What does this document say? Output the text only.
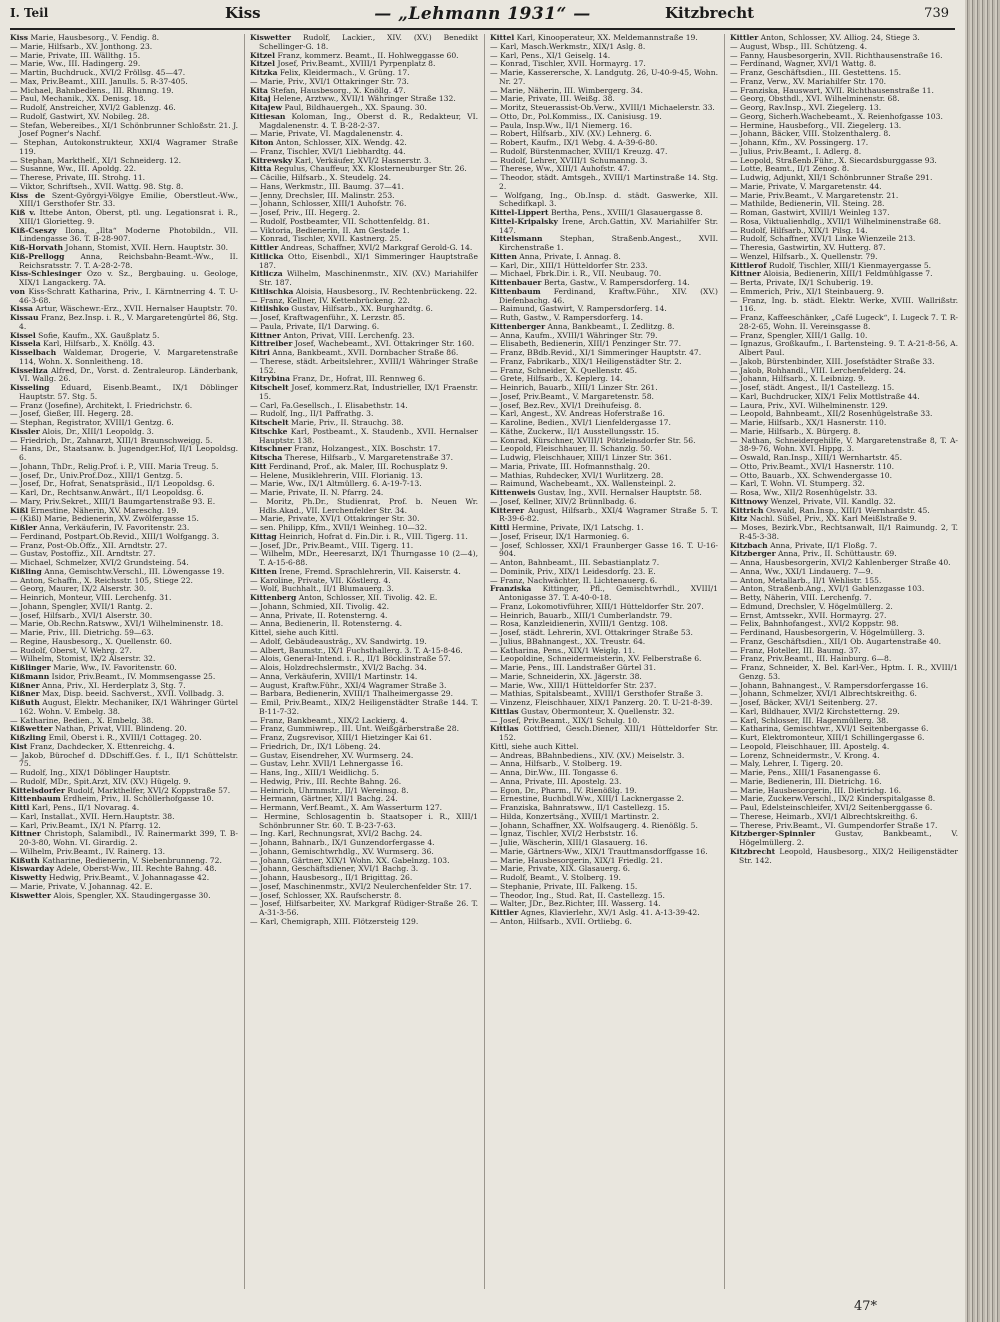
I. Teil	Kiss	— „Lehmann 1931“ —	Kitzbrecht	739

Kiss Marie, Hausbesorg., V. Fendig. 8.

— Marie, Hilfsarb., XV. Jonthong. 23.

— Marie, Private, III. Wällthg. 15.

— Marie, Ww., III. Hadingerg. 29.

— Martin, Buchdruck., XVI/2 Fröllsg. 45—47.

— Max, Priv.Beamt., XIII. Janulls. 5. R-37-405.

— Michael, Bahnbediens., III. Rhunng. 19.

— Paul, Mechanik., XX. Denisg. 18.

— Rudolf, Anstreicher, XVI/2 Gablenzg. 46.

— Rudolf, Gastwirt, XV. Nobileg. 28.

— Stefan, Webereibes., XI/1 Schönbrunner Schloßstr. 21. J. Josef Pogner's Nachf.

— Stephan, Autokonstrukteur, XXI/4 Wagramer Straße 119.

— Stephan, Markthelf., XI/1 Schneiderg. 12.

— Susanne, Ww., III. Apoldg. 22.

— Therese, Private, III. Strohg. 11.

— Viktor, Schriftseh., XVII. Wattg. 98. Stg. 8.

Kiss de Szent-Györgyi-Völgye Emilie, Oberstleut.-Ww., XIII/1 Gersthofer Str. 33.

Kiß v. Ittebe Anton, Oberst, ptl. ung. Legationsrat i. R., XIII/1 Glorietteg. 9.

Kiß-Cseszy Ilona, „Ilta“ Moderne Photobildn., VII. Lindengasse 36. T. B-28-907.

Kiß-Horvath Johann, Stomist, XVII. Hern. Hauptstr. 30.

Kiß-Prellogg Anna, Reichsbahn-Beamt.-Ww., II. Reichsratsstr. 7. T. A-28-2-78.

Kiss-Schlesinger Ozo v. Sz., Bergbauing. u. Geologe, XIX/1 Langackerg. 7A.

von Kiss-Schratt Katharina, Priv., I. Kärntnerring 4. T. U-46-3-68.

Kissa Artur, Wäschewr.-Erz., XVII. Hernalser Hauptstr. 70.

Kissau Franz, Bez.Insp. i. R., V. Margaretengürtel 86, Stg. 4.

Kissel Sofie, Kaufm., XX. Gaußplatz 5.

Kissela Karl, Hilfsarb., X. Knöllg. 43.

Kisselbach Waldemar, Drogerie, V. Margaretenstraße 114, Wohn. X. Sonnleitheng. 18.

Kisseliza Alfred, Dr., Vorst. d. Zentraleurop. Länderbank, VI. Wallg. 26.

Kisseling Eduard, Eisenb.Beamt., IX/1 Döblinger Hauptstr. 57. Stg. 5.

— Franz (Josefine), Architekt, I. Friedrichstr. 6.

— Josef, Gießer, III. Hegerg. 28.

— Stephan, Registrator, XVIII/1 Gentzg. 6.

Kissler Alois, Dr., XIII/1 Leopoldg. 3.

— Friedrich, Dr., Zahnarzt, XIII/1 Braunschweigg. 5.

— Hans, Dr., Staatsanw. b. Jugendger.Hof, II/1 Leopoldsg. 6.

— Johann, ThDr., Relig.Prof. i. P., VIII. Maria Treug. 5.

— Josef, Dr., Univ.Prof.Doz., XIII/1 Gentzg. 5.

— Josef, Dr., Hofrat, Senatspräsid., II/1 Leopoldsg. 6.

— Karl, Dr., Rechtsanw.Anwärt., II/1 Leopoldsg. 6.

— Mary, Priv.Sekret., XIII/1 Baumgartenstraße 93. E.

Kißl Ernestine, Näherin, XV. Mareschg. 19.

— (Kißl) Marie, Bedienerin, XV. Zwölfergasse 15.

Kißler Anna, Verkäuferin, IV. Favoritenstr. 23.

— Ferdinand, Postpart.Ob.Revid., XIII/1 Wolfgangg. 3.

— Franz, Post-Ob.Offz., XII. Arndtstr. 27.

— Gustav, Postoffiz., XII. Arndtstr. 27.

— Michael, Schmelzer, XVI/2 Grundsteing. 54.

Kißling Anna, Gemischtw.Verschl., III. Löwengasse 19.

— Anton, Schaffn., X. Reichsstr. 105, Stiege 22.

— Georg, Maurer, IX/2 Alserstr. 30.

— Heinrich, Monteur, VIII. Lerchenfg. 31.

— Johann, Spengler, XVII/1 Rantg. 2.

— Josef, Hilfsarb., XVI/1 Alserstr. 30.

— Marie, Ob.Rechn.Ratsww., XVI/1 Wilhelminenstr. 18.

— Marie, Priv., III. Dietrichg. 59—63.

— Regine, Hausbesorg., X. Quellenstr. 60.

— Rudolf, Oberst, V. Wehrg. 27.

— Wilhelm, Stomist, IX/2 Alserstr. 32.

Kißlinger Marie, Ww., IV. Favoritenstr. 60.

Kißmann Isidor, Priv.Beamt., IV. Mommsengasse 25.

Kißner Anna, Priv., XI. Herderplatz 3, Stg. 7.

Kißner Max, Disp. beeid. Sachverst., XVII. Vollbadg. 3.

Kißuth August, Elektr. Mechaniker, IX/1 Währinger Gürtel 162. Wohn. V. Embelg. 38.

— Katharine, Bedien., X. Embelg. 38.

Kißwetter Nathan, Privat, VIII. Blindeng. 20.

Kißzling Emil, Oberst i. R., XVIII/1 Cottageg. 20.

Kist Franz, Dachdecker, X. Ettenreichg. 4.

— Jakob, Bürochef d. DDschiff.Ges. f. I., II/1 Schüttelstr. 75.

— Rudolf, Ing., XIX/1 Döblinger Hauptstr.

— Rudolf, MDr., Spit.Arzt, XIV. (XV.) Hügelg. 9.

Kittelsdorfer Rudolf, Markthelfer, XVI/2 Koppstraße 57.

Kittenbaum Erdheim, Priv., II. Schöllerhofgasse 10.

Kittl Karl, Pens., II/1 Novarag. 4.

— Karl, Installat., XVII. Hern.Hauptstr. 38.

— Karl, Priv.Beamt., IX/1 N. Pfarrg. 12.

Kittner Christoph, Salamibdl., IV. Rainermarkt 399, T. B-20-3-80, Wohn. VI. Girardig. 2.

— Wilhelm, Priv.Beamt., IV. Rainerg. 13.

Kißuth Katharine, Bedienerin, V. Siebenbrunneng. 72.

Kiswarday Adele, Oberst-Ww., III. Rechte Bahng. 48.

Kiswetty Hedwig, Priv.Beamt., V. Johannagasse 42.

— Marie, Private, V. Johannag. 42. E.

Kiswetter Alois, Spengler, XX. Staudingergasse 30.

Kiswetter Rudolf, Lackier., XIV. (XV.) Benedikt Schellinger-G. 18.

Kitzel Franz, kommerz. Beamt., II. Hohlweggasse 60.

Kitzel Josef, Priv.Beamt., XVIII/1 Pyrpenplatz 8.

Kitzka Felix, Kleidermach., V. Grüng. 17.

— Marie, Priv., XVI/1 Ottakringer Str. 73.

Kita Stefan, Hausbesorg., X. Knöllg. 47.

Kitaj Helene, Arztww., XVII/1 Währinger Straße 132.

Kitajew Paul, Bildhauergeh., XX. Spaung. 30.

Kitiesan Koloman, Ing., Oberst d. R., Redakteur, VI. Magdalenenstr. 4. T. B-28-2-37.

— Marie, Private, VI. Magdalenenstr. 4.

Kiton Anton, Schlosser, XIX. Wendg. 42.

— Franz, Tischler, XVI/1 Liebhardtg. 44.

Kitrewsky Karl, Verkäufer, XVI/2 Hasnerstr. 3.

Kitta Regulus, Chauffeur, XX. Klosterneuburger Str. 26.

— Cäcilie, Hilfsarb., X. Steudelg. 24.

— Hans, Werkmstr., III. Baumg. 37—41.

— Jenny, Drechsler, III. Malinstr. 253.

— Johann, Schlosser, XIII/1 Auhofstr. 76.

— Josef, Priv., III. Hegerg. 2.

— Rudolf, Postbeamter, VII. Schottenfeldg. 81.

— Viktoria, Bedienerin, II. Am Gestade 1.

— Konrad, Tischler, XVII. Kastnerg. 25.

Kittler Andreas, Schaffner, XVI/2 Markgraf Gerold-G. 14.

Kitlicka Otto, Eisenbdl., XI/1 Simmeringer Hauptstraße 187.

Kitlicza Wilhelm, Maschinenmstr., XIV. (XV.) Mariahilfer Str. 187.

Kitlischka Aloisia, Hausbesorg., IV. Rechtenbrückeng. 22.

— Franz, Kellner, IV. Kettenbrückeng. 22.

Kitlishko Gustav, Hilfsarb., XX. Burghardtg. 6.

— Josef, Kraftwagenführ., X. Lerzstr. 85.

— Paula, Private, II/1 Darwing. 6.

Kittner Anton, Privat, VIII. Lerchenfg. 23.

Kittreiber Josef, Wachebeamt., XVI. Ottakringer Str. 160.

Kitri Anna, Bankbeamt., XVII. Dornbacher Straße 86.

— Therese, städt. Arbeitslehrer., XVIII/1 Währinger Straße 152.

Kitrybina Franz, Dr., Hofrat, III. Rennweg 6.

Kitschelt Josef, kommerz.Rat, Industrieller, IX/1 Fraenstr. 15.

— Carl, Fa.Gesellsch., I. Elisabethstr. 14.

— Rudolf, Ing., II/1 Paffrathg. 3.

Kitschelt Marie, Priv., II. Strauchg. 38.

Kitschke Karl, Postbeamt., X. Staudenb., XVII. Hernalser Hauptstr. 138.

Kitschner Franz, Holzangest., XIX. Boschstr. 17.

Kitscha Therese, Hilfsarb., V. Margaretenstraße 37.

Kitt Ferdinand, Prof., ak. Maler, III. Rochusplatz 9.

— Helene, Musiklehrerin, VIII. Florianig. 13.

— Marie, Ww., IX/1 Altmüllerg. 6. A-19-7-13.

— Marie, Private, II. N. Pfarrg. 24.

— Moritz, Ph.Dr., Studienrat, Prof. b. Neuen Wr. Hdls.Akad., VII. Lerchenfelder Str. 34.

— Marie, Private, XVI/1 Ottakringer Str. 30.

— sen. Philipp, Kfm., XVII/1 Weinheg. 10—32.

Kittag Heinrich, Hofrat d. Fin.Dir. i. R., VIII. Tigerg. 11.

— Josef, JDr., Priv.Beamt., VIII. Tigerg. 11.

— Wilhelm, MDr., Heeresarzt, IX/1 Thurngasse 10 (2—4), T. A-15-6-88.

Kitten Irene, Fremd. Sprachlehrerin, VII. Kaiserstr. 4.

— Karoline, Private, VII. Köstlerg. 4.

— Wolf, Buchhalt., II/1 Blumauerg. 3.

Kittenberg Anton, Schlosser, XII. Tivolig. 42. E.

— Johann, Schmied, XII. Tivolig. 42.

— Anna, Private, II. Rotensterng. 4.

— Anna, Bedienerin, II. Rotensterng. 4.

Kittel, siehe auch Kittl.

— Adolf, Gebäudeausträg., XV. Sandwirtg. 19.

— Albert, Baumstr., IX/1 Fuchsthallerg. 3. T. A-15-8-46.

— Alois, General-Intend. i. R., II/1 Böcklinstraße 57.

— Alois, Holzdrechslermstr., XVI/2 Bachg. 34.

— Anna, Verkäuferin, XVIII/1 Martinstr. 14.

— August, Kraftw.Führ., XXI/4 Wagramer Straße 3.

— Barbara, Bedienerin, XVIII/1 Thalheimergasse 29.

— Emil, Priv.Beamt., XIX/2 Heiligenstädter Straße 144. T. B-11-7-32.

— Franz, Bankbeamt., XIX/2 Lackierg. 4.

— Franz, Gummiwrep., III. Unt. Weißgärberstraße 28.

— Franz, Zugsrevisor, XIII/1 Hietzinger Kai 61.

— Friedrich, Dr., IX/1 Löbeng. 24.

— Gustav, Eisendreher, XV. Wurmserg. 24.

— Gustav, Lehr. XVII/1 Lehnergasse 16.

— Hans, Ing., XIII/1 Weidlichg. 5.

— Hedwig, Priv., III. Rechte Bahng. 26.

— Heinrich, Uhrmmstr., II/1 Wereinsg. 8.

— Hermann, Gärtner, XII/1 Bachg. 24.

— Hermann, Verf.Beamt., X. Am Wasserturm 127.

— Hermine, Schlosagentin b. Staatsoper i. R., XIII/1 Schönbrunner Str. 60. T. B-23-7-63.

— Ing. Karl, Rechnungsrat, XVI/2 Bachg. 24.

— Johann, Bahnarb., IX/1 Gunzendorfergasse 4.

— Johann, Gemischtwrhdlg., XV. Wurmserg. 36.

— Johann, Gärtner, XIX/1 Wohn. XX. Gabelnzg. 103.

— Johann, Geschäftsdiener, XVI/1 Bachg. 3.

— Johann, Hausbesorg., II/1 Brigittag. 26.

— Josef, Maschinenmstr., XVI/2 Neulerchenfelder Str. 17.

— Josef, Schlosser, XX. Raufscherstr. 8.

— Josef, Hilfsarbeiter, XV. Markgraf Rüdiger-Straße 26. T. A-31-3-56.

— Karl, Chemigraph, XIII. Flötzersteig 129.

Kittel Karl, Kinooperateur, XX. Meldemannstraße 19.

— Karl, Masch.Werkmstr., XIX/1 Aslg. 8.

— Karl, Pens., XI/1 Geiselg. 14.

— Konrad, Tischler, XVII. Hormayrg. 17.

— Marie, Kasserersche, X. Landgutg. 26, U-40-9-45, Wohn. Nr. 27.

— Marie, Näherin, III. Wimbergerg. 34.

— Marie, Private, III. Weißg. 38.

— Moritz, Steuerassist-Ob.Verw., XVIII/1 Michaelerstr. 33.

— Otto, Dr., Pol.Kommiss., IX. Canisiusg. 19.

— Paula, Insp.Ww., II/1 Niemerg. 16.

— Robert, Hilfsarb., XIV. (XV.) Lehnerg. 6.

— Robert, Kaufm., IX/1 Webg. 4. A-39-6-80.

— Rudolf, Bürstenmacher, XVIII/1 Kreuzg. 47.

— Rudolf, Lehrer, XVIII/1 Schumanng. 3.

— Therese, Ww., XIII/1 Auhofstr. 47.

— Theodor, städt. Amtsgeh., XVIII/1 Martinstraße 14. Stg. 2.

— Wolfgang, Ing., Ob.Insp. d. städt. Gaswerke, XII. Schedifkapl. 3.

Kittel-Lippert Bertha, Pens., XVIII/1 Glasauergasse 8.

Kittel-Kripalsky Irene, Arch.Gattin, XV. Mariahilfer Str. 147.

Kittelsmann Stephan, Straßenb.Angest., XVII. Kirchenstraße 1.

Kitten Anna, Private, I. Annag. 8.

— Karl, Dir., XIII/1 Hütteldorfer Str. 233.

— Michael, Fbrk.Dir. i. R., VII. Neubaug. 70.

Kittenbauer Berta, Gastw., V. Rampersdorferg. 14.

Kittenbaum Ferdinand, Kraftw.Führ., XIV. (XV.) Diefenbachg. 46.

— Raimund, Gastwirt, V. Rampersdorferg. 14.

— Ruth, Gastw., V. Rampersdorferg. 14.

Kittenberger Anna, Bankbeamt., I. Zedlitzg. 8.

— Anna, Kaufm., XVIII/1 Währinger Str. 79.

— Elisabeth, Bedienerin, XIII/1 Penzinger Str. 77.

— Franz, BBdb.Revid., XI/1 Simmeringer Hauptstr. 47.

— Franz, Fabrikarb., XIX/1 Heiligenstädter Str. 2.

— Franz, Schneider, X. Quellenstr. 45.

— Grete, Hilfsarb., X. Keplerg. 14.

— Heinrich, Bauarb., XIII/1 Linzer Str. 261.

— Josef, Priv.Beamt., V. Margaretenstr. 58.

— Josef, Bez.Rev., XVI/1 Dreihufeisg. 8.

— Karl, Angest., XV. Andreas Hoferstraße 16.

— Karoline, Bedien., XVI/1 Lienfeldergasse 17.

— Käthe, Zuckerw., II/1 Ausstellungsstr. 15.

— Konrad, Kürschner, XVIII/1 Pötzleinsdorfer Str. 56.

— Leopold, Fleischhauer, II. Schanzlg. 50.

— Ludwig, Fleischhauer, XIII/1 Linzer Str. 361.

— Maria, Private, III. Hofmannsthalg. 20.

— Mathias, Ruhdecker, XVI/1 Wurlitzerg. 28.

— Raimund, Wachebeamt., XX. Wallensteinpl. 2.

Kittenweis Gustav, Ing., XVII. Hernalser Hauptstr. 58.

— Josef, Kellner, XIV/2 Brünnlbadg. 6.

Kitterer August, Hilfsarb., XXI/4 Wagramer Straße 5. T. R-39-6-82.

Kittl Hermine, Private, IX/1 Latschg. 1.

— Josef, Friseur, IX/1 Harmonieg. 6.

— Josef, Schlosser, XXI/1 Fraunberger Gasse 16. T. U-16-904.

— Anton, Bahnbeamt., III. Sebastianplatz 7.

— Dominik, Priv., XIX/1 Leidesdorfg. 23. E.

— Franz, Nachwächter, II. Lichtenauerg. 6.

Franziska Kittinger, Pfl., Gemischtwrhdl., XVIII/1 Antonigasse 37. T. A-40-0-18.

— Franz, Lokomotivführer, XIII/1 Hütteldorfer Str. 207.

— Heinrich, Bauarb., XIII/1 Cumberlandstr. 79.

— Rosa, Kanzleidienerin, XVIII/1 Gentzg. 108.

— Josef, städt. Lehrerin, XVI. Ottakringer Straße 53.

— Julius, BBahnangest., XX. Treustr. 64.

— Katharina, Pens., XIX/1 Weiglg. 11.

— Leopoldine, Schneidermeisterin, XV. Felberstraße 6.

— Marie, Pens., III. Landstraßer Gürtel 31.

— Marie, Schneiderin, XX. Jägerstr. 38.

— Marie, Ww., XIII/1 Hütteldorfer Str. 237.

— Mathias, Spitalsbeamt., XVIII/1 Gersthofer Straße 3.

— Vinzenz, Fleischhauer, XIX/1 Panzerg. 20. T. U-21-8-39.

Kittlas Gustav, Obermonteur, X. Quellenstr. 32.

— Josef, Priv.Beamt., XIX/1 Schulg. 10.

Kittlas Gottfried, Gesch.Diener, XIII/1 Hütteldorfer Str. 152.

Kittl, siehe auch Kittel.

— Andreas, BBahnbediens., XIV. (XV.) Meiselstr. 3.

— Anna, Hilfsarb., V. Stolberg. 19.

— Anna, Dir.Ww., III. Tongasse 6.

— Anna, Private, III. Apostelg. 23.

— Egon, Dr., Pharm., IV. Rienößlg. 19.

— Ernestine, Buchbdl.Ww., XIII/1 Lacknergasse 2.

— Franziska, Bahnratsww., II/1 Castellezg. 15.

— Hilda, Konzertsäng., XVIII/1 Martinstr. 2.

— Johann, Schaffner, XX. Wolfsaugerg. 4. Rienößlg. 5.

— Ignaz, Tischler, XVI/2 Herbststr. 16.

— Julie, Wäscherin, XIII/1 Glasauerg. 16.

— Marie, Gärtners-Ww., XIX/1 Trauttmansdorffgasse 16.

— Marie, Hausbesorgerin, XIX/1 Friedlg. 21.

— Marie, Private, XIX. Glasauerg. 6.

— Rudolf, Beamt., V. Stolberg. 19.

— Stephanie, Private, III. Falkeng. 15.

— Theodor, Ing., Stud. Rat, II. Castellezg. 15.

— Walter, JDr., Bez.Richter, III. Wasserg. 14.

Kittler Agnes, Klavierlehr., XV/1 Aslg. 41. A-13-39-42.

— Anton, Hilfsarb., XVII. Ortliebg. 6.

Kittler Anton, Schlosser, XV. Alliog. 24, Stiege 3.

— August, Wbsp., III. Schützeng. 4.

— Fanny, Hausbesorgerin, XVII. Richthausenstraße 16.

— Ferdinand, Wagner, XVI/1 Wattg. 8.

— Franz, Geschäftsdien., III. Gestettens. 15.

— Franz, Verw., XV. Mariahilfer Str. 170.

— Franziska, Hauswart, XVII. Richthausenstraße 11.

— Georg, Obsthdl., XVI. Wilhelminenstr. 68.

— Georg, Rav.Insp., XVI. Ziegelerg. 13.

— Georg, Sicherh.Wachebeamt., X. Reienhofgasse 103.

— Hermine, Hausbeforg., VII. Ziegelerg. 13.

— Johann, Bäcker, VIII. Stolzenthalerg. 8.

— Johann, Kfm., XV. Possingerg. 17.

— Julius, Priv.Beamt., I. Adlerg. 8.

— Leopold, Straßenb.Führ., X. Siecardsburggasse 93.

— Lotte, Beamt., II/1 Zenog. 8.

— Ludwig, Adjunkt, XII/1 Schönbrunner Straße 291.

— Marie, Private, V. Margaretenstr. 44.

— Marie, Priv.Beamt., V. Margaretenstr. 21.

— Mathilde, Bedienerin, VII. Steing. 28.

— Roman, Gastwirt, XVIII/1 Weinleg 137.

— Rosa, Viktualienhdlg., XVII/1 Wilhelminenstraße 68.

— Rudolf, Hilfsarb., XIX/1 Pilsg. 14.

— Rudolf, Schaffner, XVI/1 Linke Wienzeile 213.

— Theresia, Gastwirtin, XV. Hutterg. 87.

— Wenzel, Hilfsarb., X. Quellenstr. 79.

Kittlerof Rudolf, Tischler, XIII/1 Kienmayergasse 5.

Kittner Aloisia, Bedienerin, XIII/1 Feldmühlgasse 7.

— Berta, Private, IX/1 Schuberig. 19.

— Emmerich, Priv., XI/1 Steinbauerg. 9.

— Franz, Ing. b. städt. Elektr. Werke, XVIII. Wallrißstr. 116.

— Franz, Kaffeeschänker, „Café Lugeck“, I. Lugeck 7. T. R-28-2-65, Wohn. II. Vereinsgasse 8.

— Franz, Spengler, XIII/1 Gallg. 10.

— Ignazus, Großkaufm., I. Bartensteing. 9. T. A-21-8-56, A. Albert Paul.

— Jakob, Bürstenbinder, XIII. Josefstädter Straße 33.

— Jakob, Rohhandl., VIII. Lerchenfelderg. 24.

— Johann, Hilfsarb., X. Leibnizg. 9.

— Josef, städt. Angest., II/1 Castellezg. 15.

— Karl, Buchdrucker, XIX/1 Felix Mottlstraße 44.

— Laura, Priv., XVI. Wilhelminenstr. 129.

— Leopold, Bahnbeamt., XII/2 Rosenhügelstraße 33.

— Marie, Hilfsarb., XX/1 Hasnerstr. 110.

— Marie, Hilfsarb., X. Bürgerg. 8.

— Nathan, Schneidergehilfe, V. Margaretenstraße 8, T. A-38-9-76, Wohn. XVI. Hippg. 3.

— Oswald, Ran.Insp., XIII/1 Wernhartstr. 45.

— Otto, Priv.Beamt., XVI/1 Hasnerstr. 110.

— Otto, Bauarb., XX. Schwendergasse 10.

— Karl, T. Wohn. VI. Stumperg. 32.

— Rosa, Ww., XII/2 Rosenhügelstr. 33.

Kittnowy Wenzel, Private, VII. Kandlg. 32.

Kittrich Oswald, Ran.Insp., XIII/1 Wernhardstr. 45.

Kitz Nachl. Süßel, Priv., XX. Karl Meißlstraße 9.

— Moses, Bezirk.Vbr., Rechtsanwalt, II/1 Raimundg. 2, T. R-45-3-38.

Kitzbach Anna, Private, II/1 Floßg. 7.

Kitzberger Anna, Priv., II. Schüttaustr. 69.

— Anna, Hausbesorgerin, XVI/2 Kahlenberger Straße 40.

— Anna, Ww., XXI/1 Lindauerg. 7—9.

— Anton, Metallarb., II/1 Wehlistr. 155.

— Anton, Straßenb.Ang., XVI/1 Gablenzgasse 103.

— Betty, Näherin, VIII. Lerchenfg. 7.

— Edmund, Drechsler, V. Högelmüllerg. 2.

— Ernst, Amtssekr., XVII. Hormayrg. 27.

— Felix, Bahnhofangest., XVI/2 Koppstr. 98.

— Ferdinand, Hausbesorgerin, V. Högelmüllerg. 3.

— Franz, Geschäftsdien., XII/1 Ob. Augartenstraße 40.

— Franz, Hoteller, III. Baumg. 37.

— Franz, Priv.Beamt., III. Hainburg. 6—8.

— Franz, Schneider, X. Bel. Karl-Ver., Hptm. I. R., XVIII/1 Genzg. 53.

— Johann, Bahnangest., V. Rampersdorfergasse 16.

— Johann, Schmelzer, XVI/1 Albrechtskreithg. 6.

— Josef, Bäcker, XVI/1 Seitenberg. 27.

— Karl, Bildhauer, XVI/2 Kirchstetterng. 29.

— Karl, Schlosser, III. Hagenmüllerg. 38.

— Katharina, Gemischtwr., XVI/1 Seitenbergasse 6.

— Kurt, Elektromonteur, XIII/1 Schillingergasse 6.

— Leopold, Fleischhauer, III. Apostelg. 4.

— Lorenz, Schneidermstr., V. Krong. 4.

— Maly, Lehrer, I. Tigerg. 20.

— Marie, Pens., XIII/1 Fasanengasse 6.

— Marie, Bedienerin, III. Dietrichg. 16.

— Marie, Hausbesorgerin, III. Dietrichg. 16.

— Marie, Zuckerw.Verschl., IX/2 Kinderspitalgasse 8.

— Paul, Edelsteinschleifer, XVI/2 Seitenberggasse 6.

— Therese, Heimarb., XVI/1 Albrechtskreithg. 6.

— Therese, Priv.Beamt., VI. Gumpendorfer Straße 17.

Kitzberger-Spinnler Gustav, Bankbeamt., V. Högelmüllerg. 2.

Kitzbrecht Leopold, Hausbesorg., XIX/2 Heiligenstädter Str. 142.

47*
